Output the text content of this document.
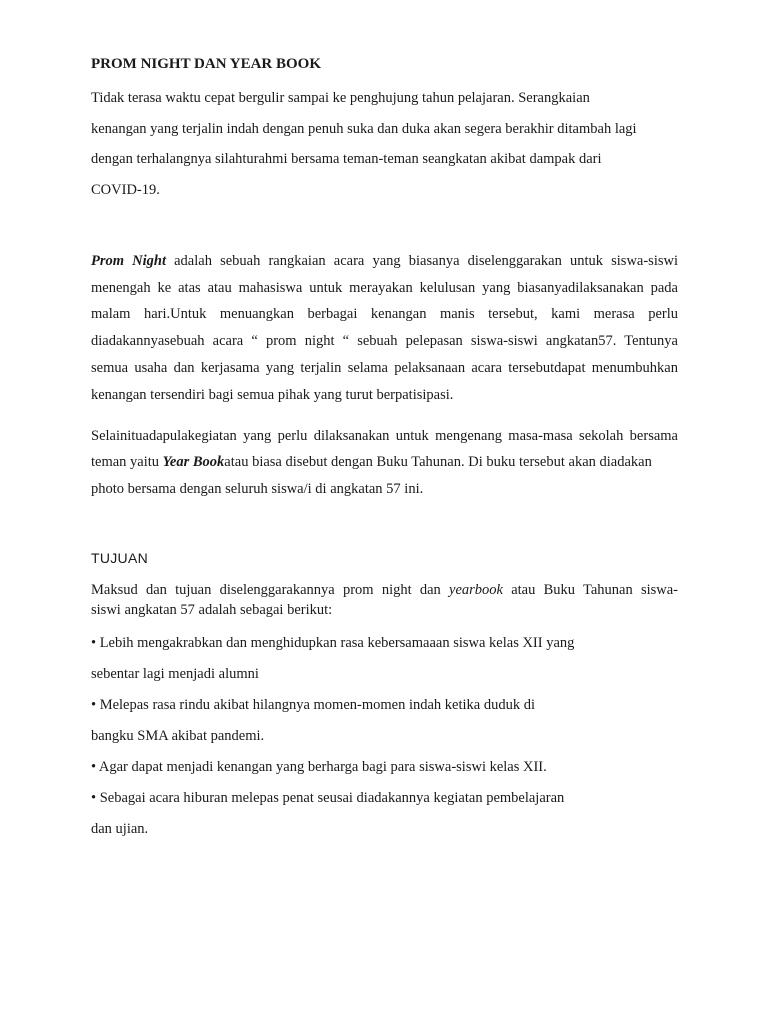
PROM NIGHT DAN YEAR BOOK
Tidak terasa waktu cepat bergulir sampai ke penghujung tahun pelajaran. Serangkaian
kenangan yang terjalin indah dengan penuh suka dan duka akan segera berakhir ditambah lagi
dengan terhalangnya silahturahmi bersama teman-teman seangkatan akibat dampak dari
COVID-19.
Prom Night adalah sebuah rangkaian acara yang biasanya diselenggarakan untuk siswa-siswi
menengah ke atas atau mahasiswa untuk merayakan kelulusan yang biasanyadilaksanakan pada
malam hari.Untuk menuangkan berbagai kenangan manis tersebut, kami merasa perlu
diadakannyasebuah acara “ prom night “ sebuah pelepasan siswa-siswi angkatan57. Tentunya
semua usaha dan kerjasama yang terjalin selama pelaksanaan acara tersebutdapat menumbuhkan
kenangan tersendiri bagi semua pihak yang turut berpatisipasi.
Selainituadapulakegiatan yang perlu dilaksanakan untuk mengenang masa-masa sekolah bersama
teman yaitu Year Bookatau biasa disebut dengan Buku Tahunan. Di buku tersebut akan diadakan
photo bersama dengan seluruh siswa/i di angkatan 57 ini.
TUJUAN
Maksud dan tujuan diselenggarakannya prom night dan yearbook atau Buku Tahunan siswa-
siswi angkatan 57 adalah sebagai berikut:
• Lebih mengakrabkan dan menghidupkan rasa kebersamaaan siswa kelas XII yang
sebentar lagi menjadi alumni
• Melepas rasa rindu akibat hilangnya momen-momen indah ketika duduk di
bangku SMA akibat pandemi.
• Agar dapat menjadi kenangan yang berharga bagi para siswa-siswi kelas XII.
• Sebagai acara hiburan melepas penat seusai diadakannya kegiatan pembelajaran
dan ujian.
